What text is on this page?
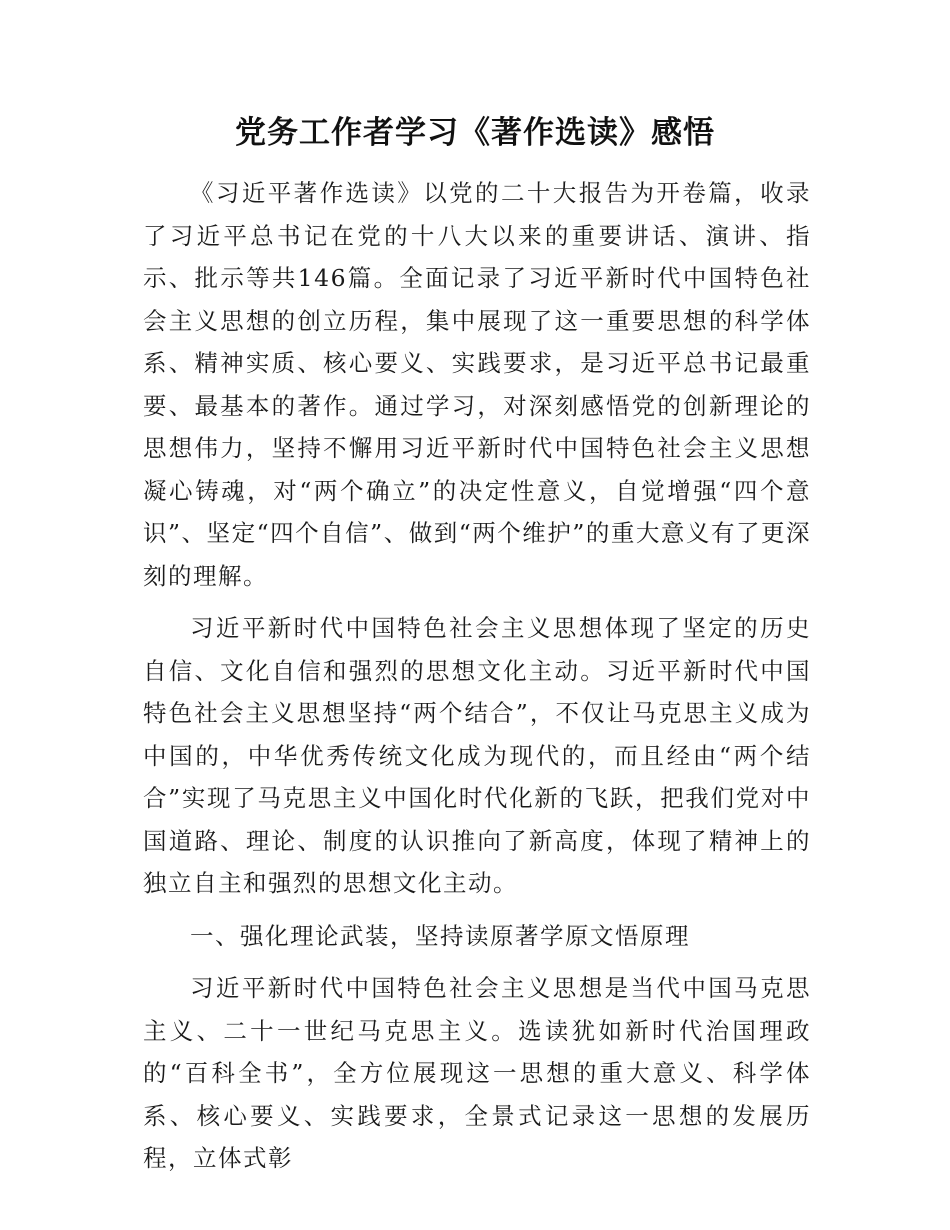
党务工作者学习《著作选读》感悟

《习近平著作选读》以党的二十大报告为开卷篇，收录了习近平总书记在党的十八大以来的重要讲话、演讲、指示、批示等共146篇。全面记录了习近平新时代中国特色社会主义思想的创立历程，集中展现了这一重要思想的科学体系、精神实质、核心要义、实践要求，是习近平总书记最重要、最基本的著作。通过学习，对深刻感悟党的创新理论的思想伟力，坚持不懈用习近平新时代中国特色社会主义思想凝心铸魂，对“两个确立”的决定性意义，自觉增强“四个意识”、坚定“四个自信”、做到“两个维护”的重大意义有了更深刻的理解。

习近平新时代中国特色社会主义思想体现了坚定的历史自信、文化自信和强烈的思想文化主动。习近平新时代中国特色社会主义思想坚持“两个结合”，不仅让马克思主义成为中国的，中华优秀传统文化成为现代的，而且经由“两个结合”实现了马克思主义中国化时代化新的飞跃，把我们党对中国道路、理论、制度的认识推向了新高度，体现了精神上的独立自主和强烈的思想文化主动。

一、强化理论武装，坚持读原著学原文悟原理

习近平新时代中国特色社会主义思想是当代中国马克思主义、二十一世纪马克思主义。选读犹如新时代治国理政的“百科全书”，全方位展现这一思想的重大意义、科学体系、核心要义、实践要求，全景式记录这一思想的发展历程，立体式彰
